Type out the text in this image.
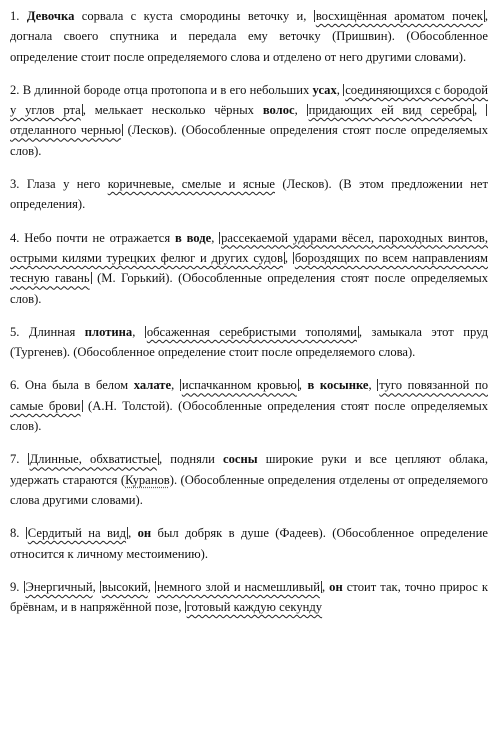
1. Девочка сорвала с куста смородины веточку и, восхищённая ароматом почек , догнала своего спутника и передала ему веточку (Пришвин). (Обособленное определение стоит после определяемого слова и отделено от него другими словами).

2. В длинной бороде отца протопопа и в его небольших усах, соединяющихся с бородой у углов рта , мелькает несколько чёрных волос, придающих ей вид серебра , отделанного чернью (Лесков). (Обособленные определения стоят после определяемых слов).

3. Глаза у него коричневые, смелые и ясные (Лесков). (В этом предложении нет определения).

4. Небо почти не отражается в воде, рассекаемой ударами вёсел, пароходных винтов, острыми килями турецких фелюг и других судов , бороздящих по всем направлениям тесную гавань (М. Горький). (Обособленные определения стоят после определяемых слов).

5. Длинная плотина, обсаженная серебристыми тополями , замыкала этот пруд (Тургенев). (Обособленное определение стоит после определяемого слова).

6. Она была в белом халате, испачканном кровью , в косынке, туго повязанной по самые брови (А.Н. Толстой). (Обособленные определения стоят после определяемых слов).

7. Длинные, обхватистые , подняли сосны широкие руки и все цепляют облака, удержать стараются (Куранов). (Обособленные определения отделены от определяемого слова другими словами).

8. Сердитый на вид , он был добряк в душе (Фадеев). (Обособленное определение относится к личному местоимению).

9. Энергичный, высокий, немного злой и насмешливый , он стоит так, точно прирос к брёвнам, и в напряжённой позе, готовый каждую секунду
